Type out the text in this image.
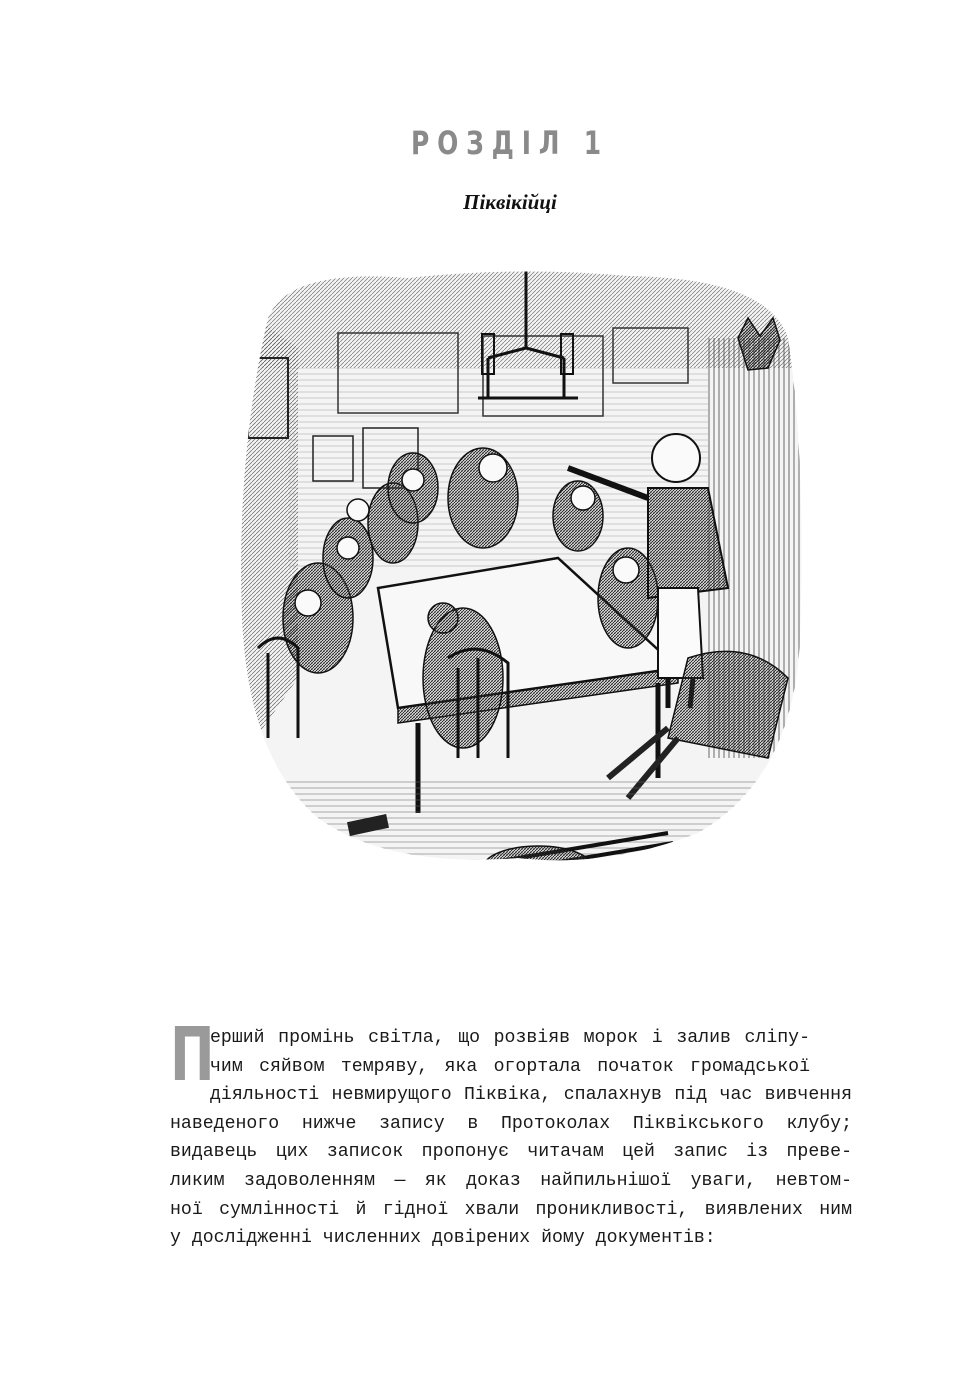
РОЗДІЛ 1
Піквікійці
П
ерший промінь світла, що розвіяв морок і залив сліпу-
чим сяйвом темряву, яка огортала початок громадської
діяльності невмирущого Піквіка, спалахнув під час вивчення
наведеного нижче запису в Протоколах Піквікського клубу;
видавець цих записок пропонує читачам цей запис із преве-
ликим задоволенням — як доказ найпильнішої уваги, невтом-
ної сумлінності й гідної хвали проникливості, виявлених ним
у дослідженні численних довірених йому документів:
